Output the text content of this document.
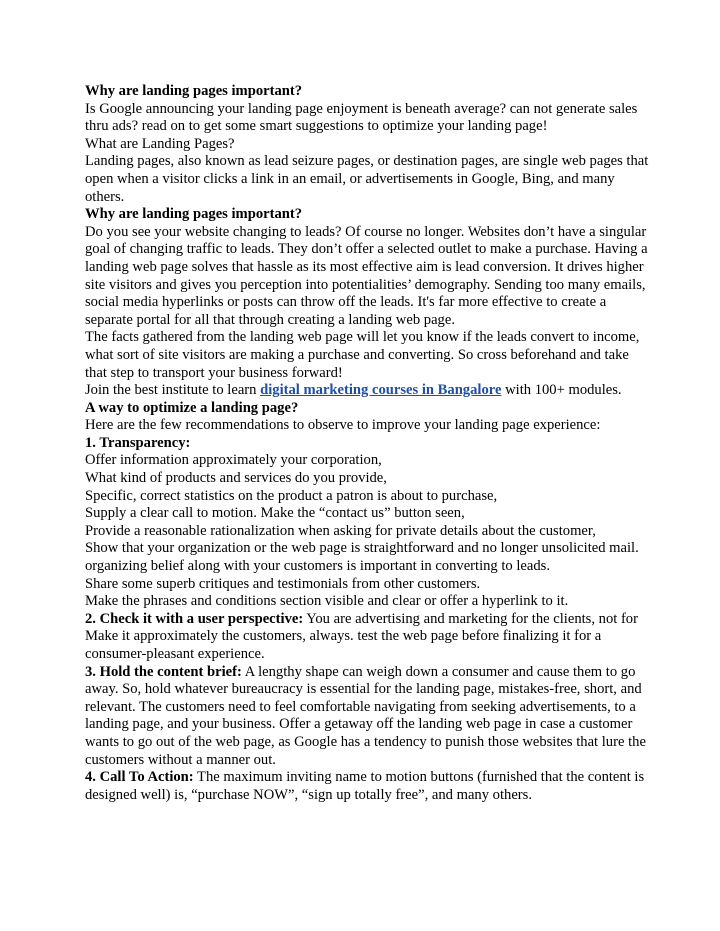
Why are landing pages important?

Is Google announcing your landing page enjoyment is beneath average? can not generate sales thru ads? read on to get some smart suggestions to optimize your landing page!

What are Landing Pages?

Landing pages, also known as lead seizure pages, or destination pages, are single web pages that open when a visitor clicks a link in an email, or advertisements in Google, Bing, and many others.

Why are landing pages important?

Do you see your website changing to leads? Of course no longer. Websites don’t have a singular goal of changing traffic to leads. They don’t offer a selected outlet to make a purchase. Having a landing web page solves that hassle as its most effective aim is lead conversion. It drives higher site visitors and gives you perception into potentialities’ demography. Sending too many emails, social media hyperlinks or posts can throw off the leads. It's far more effective to create a separate portal for all that through creating a landing web page.

The facts gathered from the landing web page will let you know if the leads convert to income, what sort of site visitors are making a purchase and converting. So cross beforehand and take that step to transport your business forward!

Join the best institute to learn digital marketing courses in Bangalore with 100+ modules.

A way to optimize a landing page?

Here are the few recommendations to observe to improve your landing page experience:

1. Transparency:

Offer information approximately your corporation,

What kind of products and services do you provide,

Specific, correct statistics on the product a patron is about to purchase,

Supply a clear call to motion. Make the “contact us” button seen,

Provide a reasonable rationalization when asking for private details about the customer,

Show that your organization or the web page is straightforward and no longer unsolicited mail. organizing belief along with your customers is important in converting to leads.

Share some superb critiques and testimonials from other customers.

Make the phrases and conditions section visible and clear or offer a hyperlink to it.

2. Check it with a user perspective: You are advertising and marketing for the clients, not for Make it approximately the customers, always. test the web page before finalizing it for a consumer-pleasant experience.

3. Hold the content brief: A lengthy shape can weigh down a consumer and cause them to go away. So, hold whatever bureaucracy is essential for the landing page, mistakes-free, short, and relevant. The customers need to feel comfortable navigating from seeking advertisements, to a landing page, and your business. Offer a getaway off the landing web page in case a customer wants to go out of the web page, as Google has a tendency to punish those websites that lure the customers without a manner out.

4. Call To Action: The maximum inviting name to motion buttons (furnished that the content is designed well) is, “purchase NOW”, “sign up totally free”, and many others.
